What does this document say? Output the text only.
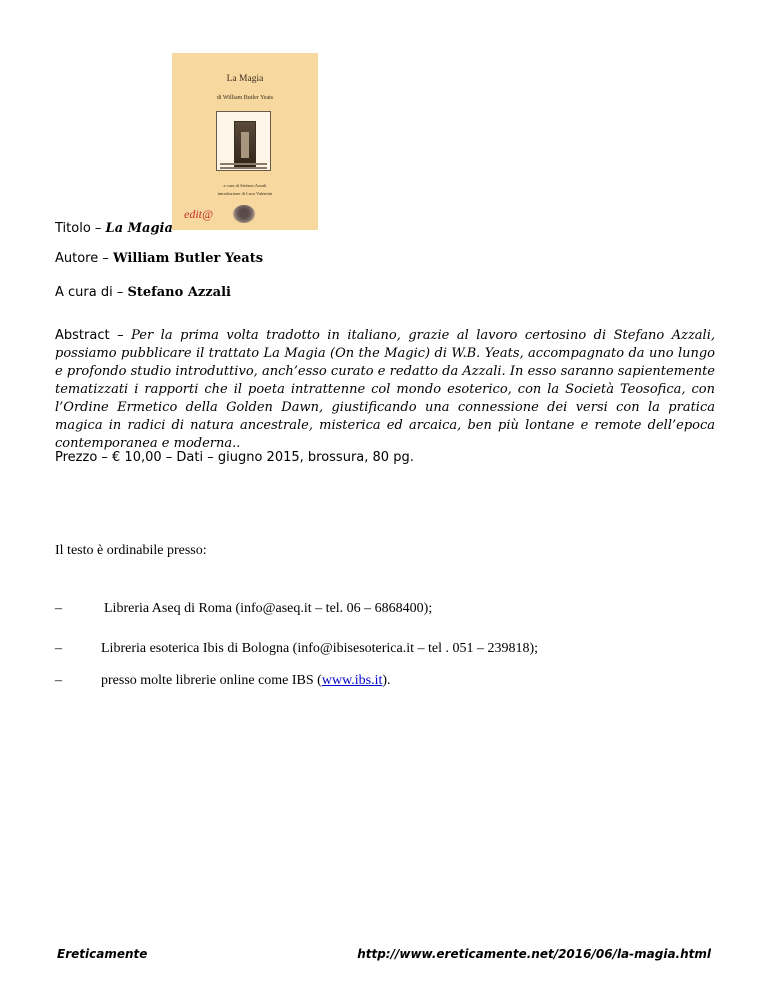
La Magia
di William Butler Yeats
a cura di Stefano Azzali
introduzione di Luca Valentini
edit@
Titolo – La Magia
Autore – William Butler Yeats
A cura di – Stefano Azzali
Abstract – Per la prima volta tradotto in italiano, grazie al lavoro certosino di Stefano Azzali, possiamo pubblicare il trattato La Magia (On the Magic) di W.B. Yeats, accompagnato da uno lungo e profondo studio introduttivo, anch’esso curato e redatto da Azzali. In esso saranno sapientemente tematizzati i rapporti che il poeta intrattenne col mondo esoterico, con la Società Teosofica, con l’Ordine Ermetico della Golden Dawn, giustificando una connessione dei versi con la pratica magica in radici di natura ancestrale, misterica ed arcaica, ben più lontane e remote dell’epoca contemporanea e moderna..
Prezzo – € 10,00 – Dati – giugno 2015, brossura, 80 pg.
Il testo è ordinabile presso:
–	Libreria Aseq di Roma (info@aseq.it – tel. 06 – 6868400);
–	Libreria esoterica Ibis di Bologna (info@ibisesoterica.it – tel . 051 – 239818);
–	presso molte librerie online come IBS (www.ibs.it).
Ereticamente	http://www.ereticamente.net/2016/06/la-magia.html
